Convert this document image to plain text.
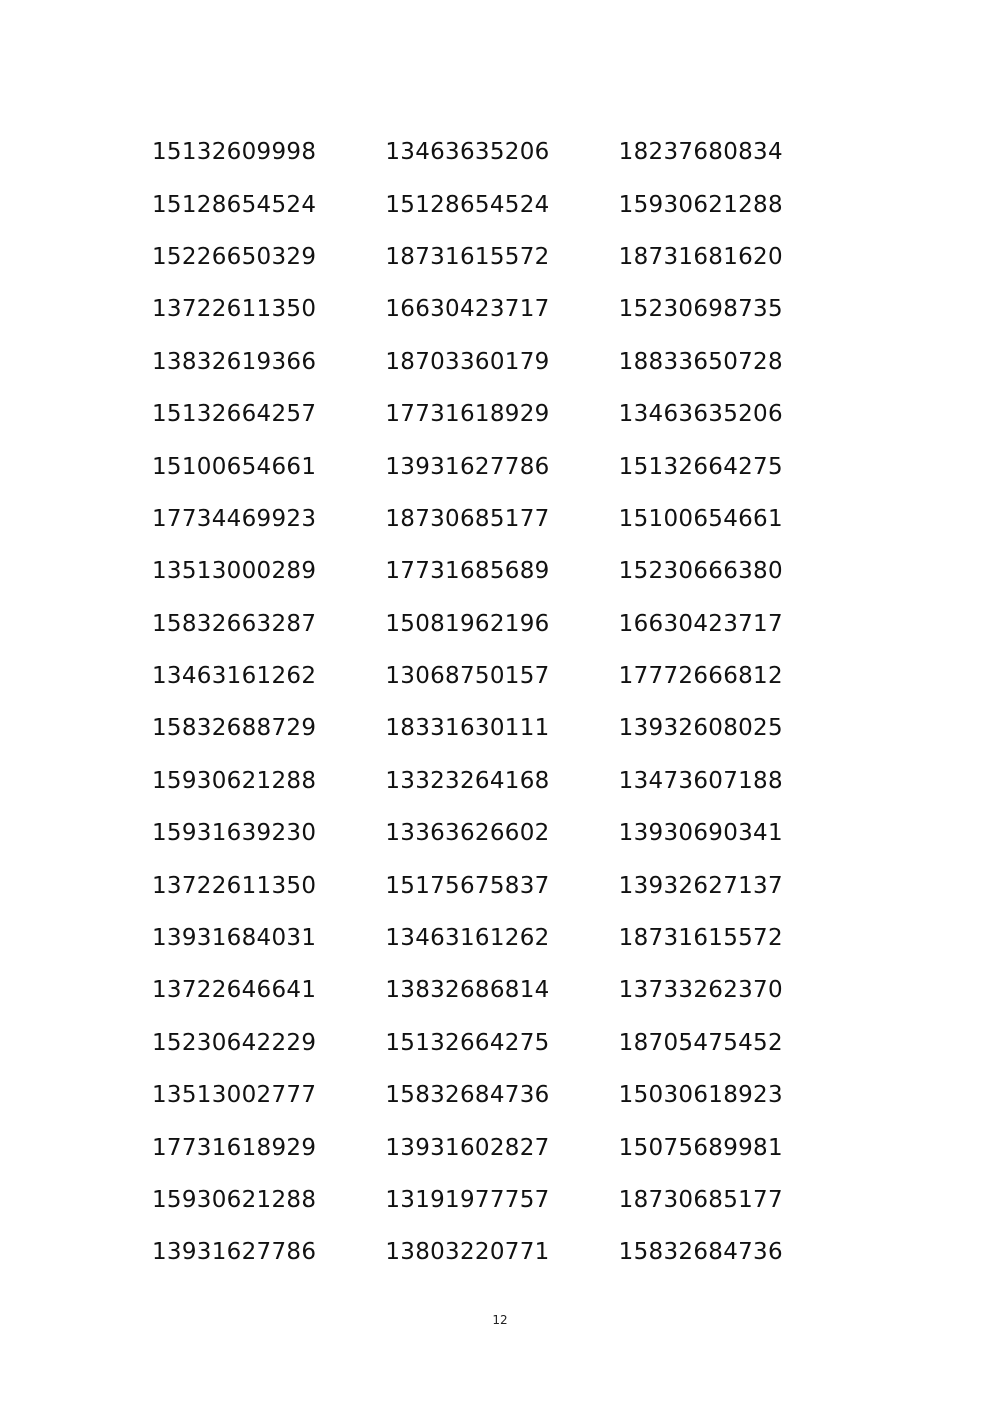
15132609998	13463635206	18237680834
15128654524	15128654524	15930621288
15226650329	18731615572	18731681620
13722611350	16630423717	15230698735
13832619366	18703360179	18833650728
15132664257	17731618929	13463635206
15100654661	13931627786	15132664275
17734469923	18730685177	15100654661
13513000289	17731685689	15230666380
15832663287	15081962196	16630423717
13463161262	13068750157	17772666812
15832688729	18331630111	13932608025
15930621288	13323264168	13473607188
15931639230	13363626602	13930690341
13722611350	15175675837	13932627137
13931684031	13463161262	18731615572
13722646641	13832686814	13733262370
15230642229	15132664275	18705475452
13513002777	15832684736	15030618923
17731618929	13931602827	15075689981
15930621288	13191977757	18730685177
13931627786	13803220771	15832684736
12
